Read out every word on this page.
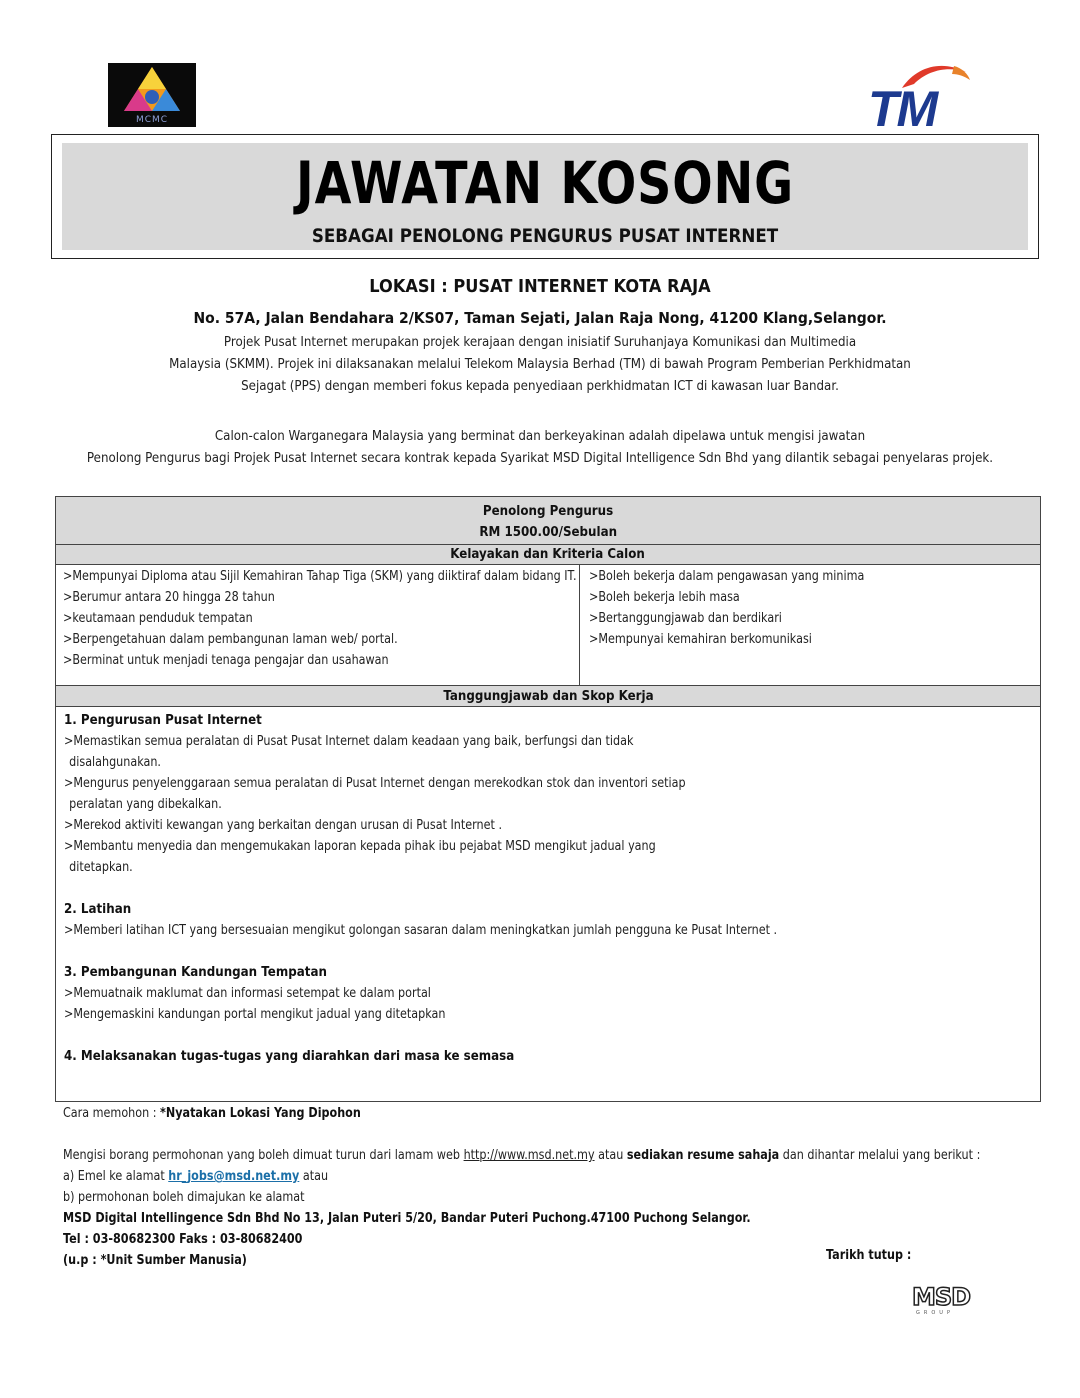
MCMC	TM
JAWATAN KOSONG
SEBAGAI PENOLONG PENGURUS PUSAT INTERNET
LOKASI : PUSAT INTERNET KOTA RAJA
No. 57A, Jalan Bendahara 2/KS07, Taman Sejati, Jalan Raja Nong, 41200 Klang,Selangor.
Projek Pusat Internet merupakan projek kerajaan dengan inisiatif Suruhanjaya Komunikasi dan Multimedia
Malaysia (SKMM). Projek ini dilaksanakan melalui Telekom Malaysia Berhad (TM) di bawah Program Pemberian Perkhidmatan
Sejagat (PPS) dengan memberi fokus kepada penyediaan perkhidmatan ICT di kawasan luar Bandar.
Calon-calon Warganegara Malaysia yang berminat dan berkeyakinan adalah dipelawa untuk mengisi jawatan
Penolong Pengurus bagi Projek Pusat Internet secara kontrak kepada Syarikat MSD Digital Intelligence Sdn Bhd yang dilantik sebagai penyelaras projek.
Penolong Pengurus
RM 1500.00/Sebulan
Kelayakan dan Kriteria Calon
>Mempunyai Diploma atau Sijil Kemahiran Tahap Tiga (SKM) yang diiktiraf dalam bidang IT.
>Berumur antara 20 hingga 28 tahun
>keutamaan penduduk tempatan
>Berpengetahuan dalam pembangunan laman web/ portal.
>Berminat untuk menjadi tenaga pengajar dan usahawan
>Boleh bekerja dalam pengawasan yang minima
>Boleh bekerja lebih masa
>Bertanggungjawab dan berdikari
>Mempunyai kemahiran berkomunikasi
Tanggungjawab dan Skop Kerja
1. Pengurusan Pusat Internet
>Memastikan semua peralatan di Pusat Pusat Internet dalam keadaan yang baik, berfungsi dan tidak
disalahgunakan.
>Mengurus penyelenggaraan semua peralatan di Pusat Internet dengan merekodkan stok dan inventori setiap
peralatan yang dibekalkan.
>Merekod aktiviti kewangan yang berkaitan dengan urusan di Pusat Internet .
>Membantu menyedia dan mengemukakan laporan kepada pihak ibu pejabat MSD mengikut jadual yang
ditetapkan.
2. Latihan
>Memberi latihan ICT yang bersesuaian mengikut golongan sasaran dalam meningkatkan jumlah pengguna ke Pusat Internet .
3. Pembangunan Kandungan Tempatan
>Memuatnaik maklumat dan informasi setempat ke dalam portal
>Mengemaskini kandungan portal mengikut jadual yang ditetapkan
4. Melaksanakan tugas-tugas yang diarahkan dari masa ke semasa
Cara memohon : *Nyatakan Lokasi Yang Dipohon
Mengisi borang permohonan yang boleh dimuat turun dari lamam web http://www.msd.net.my atau sediakan resume sahaja dan dihantar melalui yang berikut :
a) Emel ke alamat hr_jobs@msd.net.my atau
b) permohonan boleh dimajukan ke alamat
MSD Digital Intellingence Sdn Bhd No 13, Jalan Puteri 5/20, Bandar Puteri Puchong.47100 Puchong Selangor.
Tel : 03-80682300 Faks : 03-80682400
(u.p : *Unit Sumber Manusia)	Tarikh tutup :
MSD
GROUP
